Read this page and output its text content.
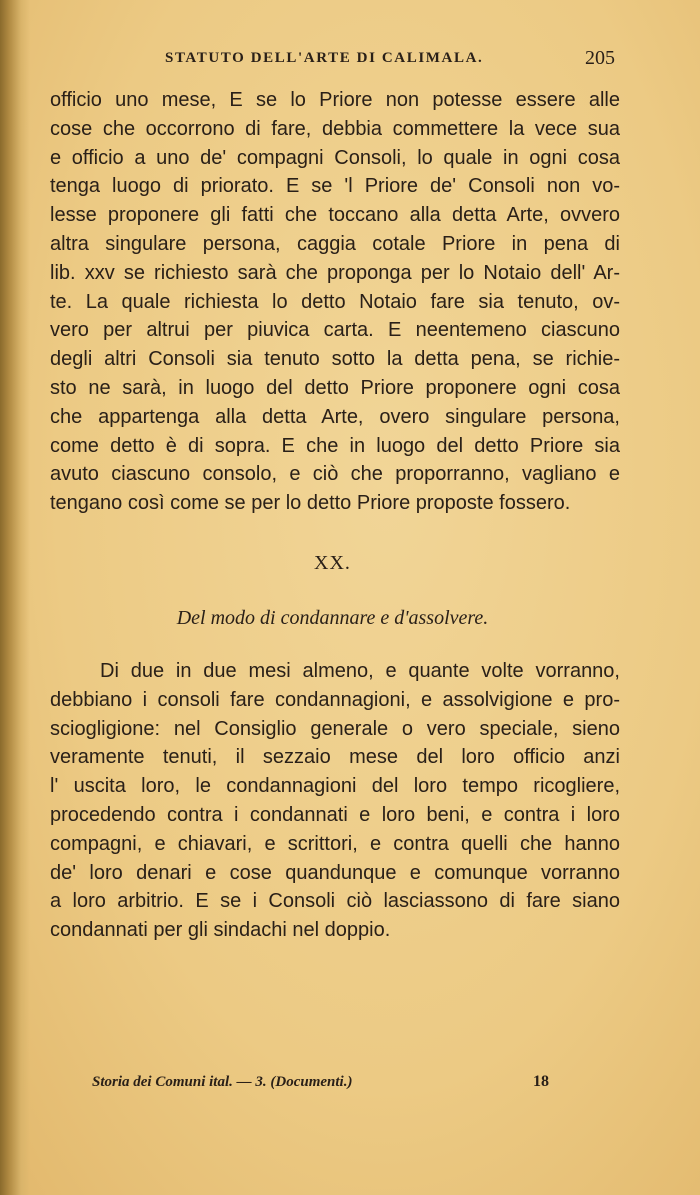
STATUTO DELL'ARTE DI CALIMALA.	205
officio uno mese, E se lo Priore non potesse essere alle
cose che occorrono di fare, debbia commettere la vece sua
e officio a uno de' compagni Consoli, lo quale in ogni cosa
tenga luogo di priorato. E se 'l Priore de' Consoli non vo-
lesse proponere gli fatti che toccano alla detta Arte, ovvero
altra singulare persona, caggia cotale Priore in pena di
lib. xxv se richiesto sarà che proponga per lo Notaio dell' Ar-
te. La quale richiesta lo detto Notaio fare sia tenuto, ov-
vero per altrui per piuvica carta. E neentemeno ciascuno
degli altri Consoli sia tenuto sotto la detta pena, se richie-
sto ne sarà, in luogo del detto Priore proponere ogni cosa
che appartenga alla detta Arte, overo singulare persona,
come detto è di sopra. E che in luogo del detto Priore sia
avuto ciascuno consolo, e ciò che proporranno, vagliano e
tengano così come se per lo detto Priore proposte fossero.
XX.
Del modo di condannare e d'assolvere.
Di due in due mesi almeno, e quante volte vorranno,
debbiano i consoli fare condannagioni, e assolvigione e pro-
sciogligione: nel Consiglio generale o vero speciale, sieno
veramente tenuti, il sezzaio mese del loro officio anzi
l' uscita loro, le condannagioni del loro tempo ricogliere,
procedendo contra i condannati e loro beni, e contra i loro
compagni, e chiavari, e scrittori, e contra quelli che hanno
de' loro denari e cose quandunque e comunque vorranno
a loro arbitrio. E se i Consoli ciò lasciassono di fare siano
condannati per gli sindachi nel doppio.
Storia dei Comuni ital. — 3. (Documenti.)	18
